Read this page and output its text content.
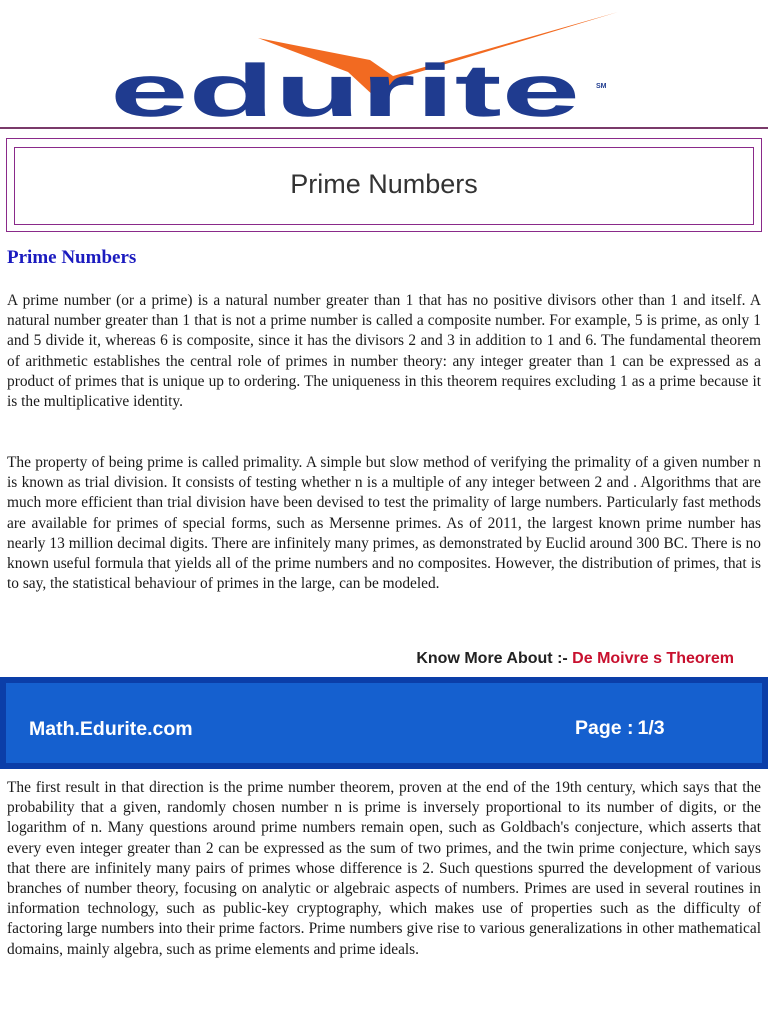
edurite SM
Prime Numbers
Prime Numbers

A prime number (or a prime) is a natural number greater than 1 that has no positive divisors other than 1 and itself. A natural number greater than 1 that is not a prime number is called a composite number. For example, 5 is prime, as only 1 and 5 divide it, whereas 6 is composite, since it has the divisors 2 and 3 in addition to 1 and 6. The fundamental theorem of arithmetic establishes the central role of primes in number theory: any integer greater than 1 can be expressed as a product of primes that is unique up to ordering. The uniqueness in this theorem requires excluding 1 as a prime because it is the multiplicative identity.

The property of being prime is called primality. A simple but slow method of verifying the primality of a given number n is known as trial division. It consists of testing whether n is a multiple of any integer between 2 and . Algorithms that are much more efficient than trial division have been devised to test the primality of large numbers. Particularly fast methods are available for primes of special forms, such as Mersenne primes. As of 2011, the largest known prime number has nearly 13 million decimal digits. There are infinitely many primes, as demonstrated by Euclid around 300 BC. There is no known useful formula that yields all of the prime numbers and no composites. However, the distribution of primes, that is to say, the statistical behaviour of primes in the large, can be modeled.

Know More About :- De Moivre s Theorem
Math.Edurite.com	Page : 1/3

The first result in that direction is the prime number theorem, proven at the end of the 19th century, which says that the probability that a given, randomly chosen number n is prime is inversely proportional to its number of digits, or the logarithm of n. Many questions around prime numbers remain open, such as Goldbach's conjecture, which asserts that every even integer greater than 2 can be expressed as the sum of two primes, and the twin prime conjecture, which says that there are infinitely many pairs of primes whose difference is 2. Such questions spurred the development of various branches of number theory, focusing on analytic or algebraic aspects of numbers. Primes are used in several routines in information technology, such as public-key cryptography, which makes use of properties such as the difficulty of factoring large numbers into their prime factors. Prime numbers give rise to various generalizations in other mathematical domains, mainly algebra, such as prime elements and prime ideals.
